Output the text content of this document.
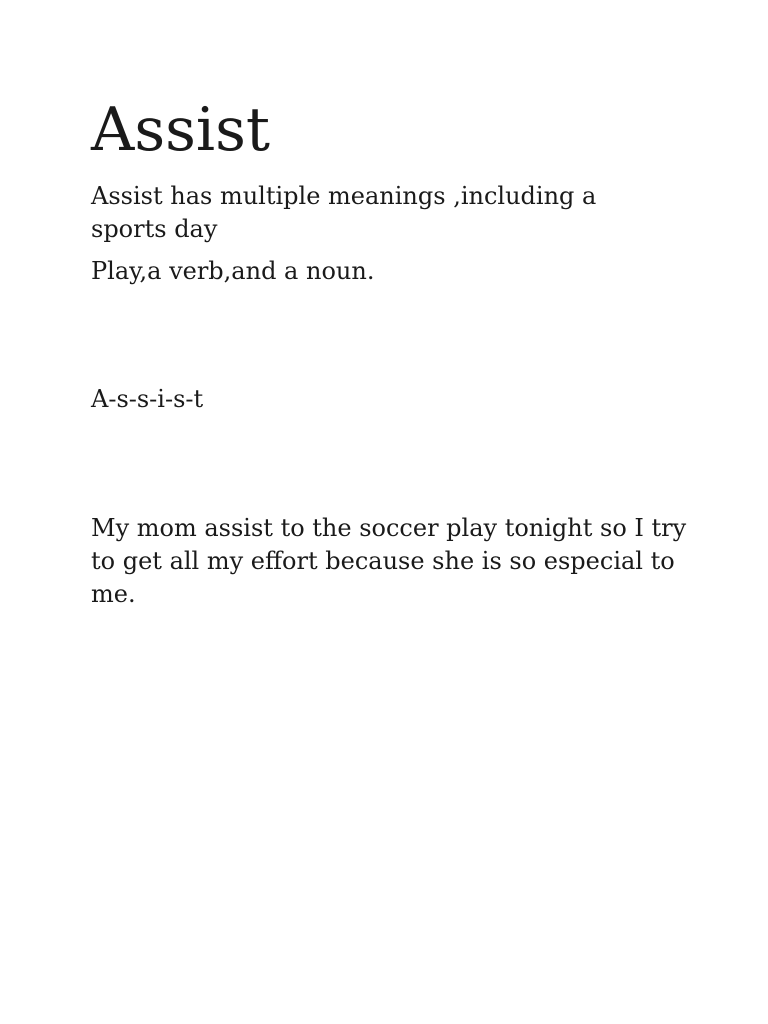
Assist

Assist has multiple meanings ,including a sports day

Play,a verb,and a noun.

A-s-s-i-s-t

My mom assist to the soccer play tonight so I try to get all my effort because she is so especial to me.
